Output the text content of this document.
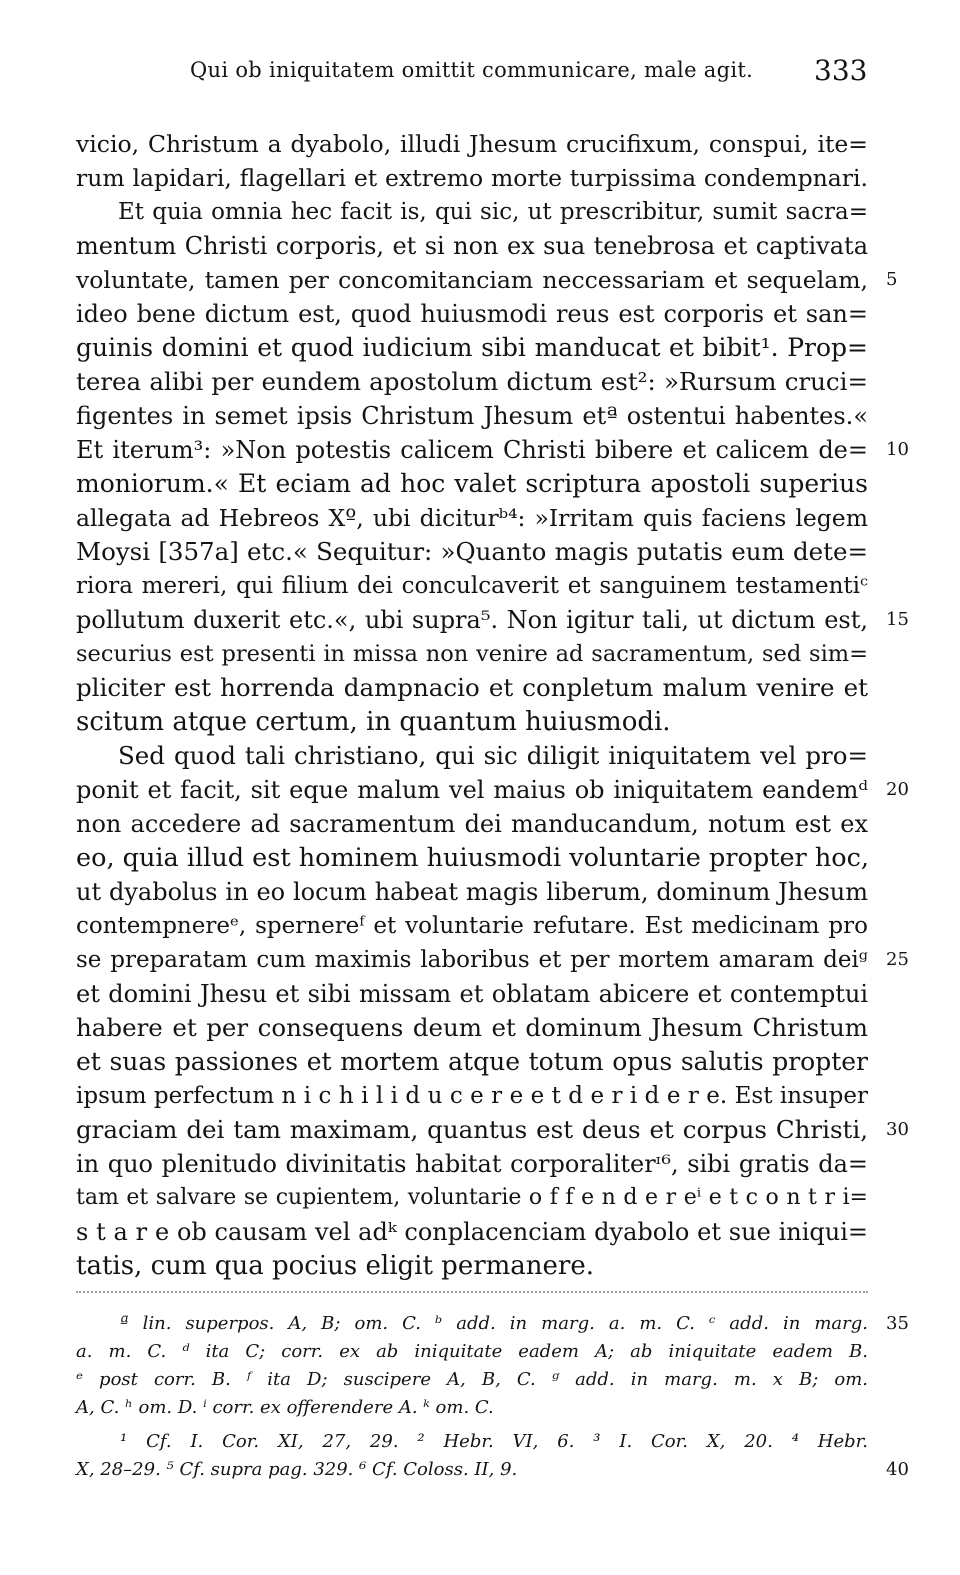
Qui ob iniquitatem omittit communicare, male agit. 333
vicio, Christum a dyabolo, illudi Jhesum crucifixum, conspui, ite=
rum lapidari, flagellari et extremo morte turpissima condempnari.
Et quia omnia hec facit is, qui sic, ut prescribitur, sumit sacra=
mentum Christi corporis, et si non ex sua tenebrosa et captivata
voluntate, tamen per concomitanciam neccessariam et sequelam,
ideo bene dictum est, quod huiusmodi reus est corporis et san=
guinis domini et quod iudicium sibi manducat et bibit¹. Prop=
terea alibi per eundem apostolum dictum est²: »Rursum cruci=
figentes in semet ipsis Christum Jhesum etª ostentui habentes.«
Et iterum³: »Non potestis calicem Christi bibere et calicem de=
moniorum.« Et eciam ad hoc valet scriptura apostoli superius
allegata ad Hebreos Xº, ubi diciturᵇ⁴: »Irritam quis faciens legem
Moysi [357a] etc.« Sequitur: »Quanto magis putatis eum dete=
riora mereri, qui filium dei conculcaverit et sanguinem testamentiᶜ
pollutum duxerit etc.«, ubi supra⁵. Non igitur tali, ut dictum est,
securius est presenti in missa non venire ad sacramentum, sed sim=
pliciter est horrenda dampnacio et conpletum malum venire et
scitum atque certum, in quantum huiusmodi.
Sed quod tali christiano, qui sic diligit iniquitatem vel pro=
ponit et facit, sit eque malum vel maius ob iniquitatem eandemᵈ
non accedere ad sacramentum dei manducandum, notum est ex
eo, quia illud est hominem huiusmodi voluntarie propter hoc,
ut dyabolus in eo locum habeat magis liberum, dominum Jhesum
contempnereᵉ, spernereᶠ et voluntarie refutare. Est medicinam pro
se preparatam cum maximis laboribus et per mortem amaram deiᵍ
et domini Jhesu et sibi missam et oblatam abicere et contemptui
habere et per consequens deum et dominum Jhesum Christum
et suas passiones et mortem atque totum opus salutis propter
ipsum perfectum n i c h i l i d u c e r e e t d e r i d e r e. Est insuper
graciam dei tam maximam, quantus est deus et corpus Christi,
in quo plenitudo divinitatis habitat corporaliterᶦ⁶, sibi gratis da=
tam et salvare se cupientem, voluntarie o f f e n d e r eⁱ e t c o n t r i=
s t a r e ob causam vel adᵏ conplacenciam dyabolo et sue iniqui=
tatis, cum qua pocius eligit permanere.
5
10
15
20
25
30
ª lin. superpos. A, B; om. C. ᵇ add. in marg. a. m. C. ᶜ add. in marg.
a. m. C. ᵈ ita C; corr. ex ab iniquitate eadem A; ab iniquitate eadem B.
ᵉ post corr. B. ᶠ ita D; suscipere A, B, C. ᵍ add. in marg. m. x B; om.
A, C. ʰ om. D. ⁱ corr. ex offerendere A. ᵏ om. C.
¹ Cf. I. Cor. XI, 27, 29. ² Hebr. VI, 6. ³ I. Cor. X, 20. ⁴ Hebr.
X, 28–29. ⁵ Cf. supra pag. 329. ⁶ Cf. Coloss. II, 9.
35
40
